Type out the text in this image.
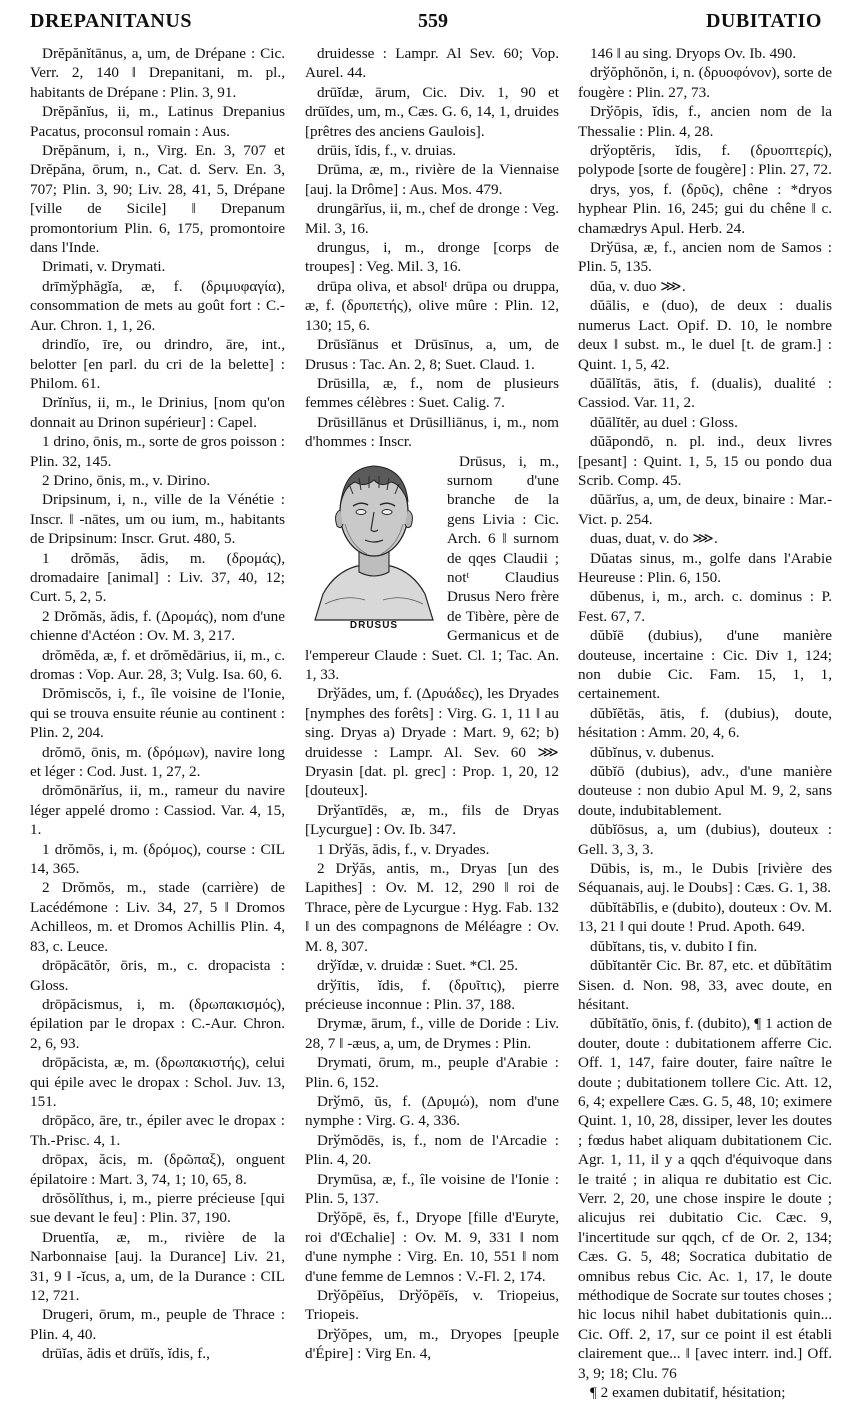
DREPANITANUS	559	DUBITATIO

Drĕpănĭtānus, a, um, de Drépane : Cic. Verr. 2, 140 ‖ Drepanitani, m. pl., habitants de Drépane : Plin. 3, 91.

Drĕpănĭus, ii, m., Latinus Drepanius Pacatus, proconsul romain : Aus.

Drĕpănum, i, n., Virg. En. 3, 707 et Drĕpăna, ōrum, n., Cat. d. Serv. En. 3, 707; Plin. 3, 90; Liv. 28, 41, 5, Drépane [ville de Sicile] ‖ Drepanum promontorium Plin. 6, 175, promontoire dans l'Inde.

Drimati, v. Drymati.

drīmўphăgĭa, æ, f. (δριμυφαγία), consommation de mets au goût fort : C.-Aur. Chron. 1, 1, 26.

drindĭo, īre, ou drindro, āre, int., belotter [en parl. du cri de la belette] : Philom. 61.

Drĭnĭus, ii, m., le Drinius, [nom qu'on donnait au Drinon supérieur] : Capel.

1 drino, ōnis, m., sorte de gros poisson : Plin. 32, 145.

2 Drino, ōnis, m., v. Dirino.

Dripsinum, i, n., ville de la Vénétie : Inscr. ‖ -nātes, um ou ium, m., habitants de Dripsinum: Inscr. Grut. 480, 5.

1 drŏmăs, ădis, m. (δρομάς), dromadaire [animal] : Liv. 37, 40, 12; Curt. 5, 2, 5.

2 Drŏmăs, ădis, f. (Δρομάς), nom d'une chienne d'Actéon : Ov. M. 3, 217.

drŏmĕda, æ, f. et drŏmĕdārius, ii, m., c. dromas : Vop. Aur. 28, 3; Vulg. Isa. 60, 6.

Drŏmiscŏs, i, f., île voisine de l'Ionie, qui se trouva ensuite réunie au continent : Plin. 2, 204.

drŏmō, ōnis, m. (δρόμων), navire long et léger : Cod. Just. 1, 27, 2.

drŏmōnārĭus, ii, m., rameur du navire léger appelé dromo : Cassiod. Var. 4, 15, 1.

1 drŏmŏs, i, m. (δρόμος), course : CIL 14, 365.

2 Drŏmŏs, m., stade (carrière) de Lacédémone : Liv. 34, 27, 5 ‖ Dromos Achilleos, m. et Dromos Achillis Plin. 4, 83, c. Leuce.

drōpăcātŏr, ōris, m., c. dropacista : Gloss.

drōpăcismus, i, m. (δρωπακισμός), épilation par le dropax : C.-Aur. Chron. 2, 6, 93.

drōpăcista, æ, m. (δρωπακιστής), celui qui épile avec le dropax : Schol. Juv. 13, 151.

drōpăco, āre, tr., épiler avec le dropax : Th.-Prisc. 4, 1.

drōpax, ăcis, m. (δρῶπαξ), onguent épilatoire : Mart. 3, 74, 1; 10, 65, 8.

drŏsŏlĭthus, i, m., pierre précieuse [qui sue devant le feu] : Plin. 37, 190.

Druentĭa, æ, m., rivière de la Narbonnaise [auj. la Durance] Liv. 21, 31, 9 ‖ -ĭcus, a, um, de la Durance : CIL 12, 721.

Drugeri, ōrum, m., peuple de Thrace : Plin. 4, 40.

drūĭas, ădis et drūĭs, ĭdis, f.,

druidesse : Lampr. Al Sev. 60; Vop. Aurel. 44.

drūĭdæ, ārum, Cic. Div. 1, 90 et drūĭdes, um, m., Cæs. G. 6, 14, 1, druides [prêtres des anciens Gaulois].

drūis, ĭdis, f., v. druias.

Drūma, æ, m., rivière de la Viennaise [auj. la Drôme] : Aus. Mos. 479.

drungārĭus, ii, m., chef de dronge : Veg. Mil. 3, 16.

drungus, i, m., dronge [corps de troupes] : Veg. Mil. 3, 16.

drūpa oliva, et absolᵗ drūpa ou druppa, æ, f. (δρυπετής), olive mûre : Plin. 12, 130; 15, 6.

Drūsĭānus et Drūsīnus, a, um, de Drusus : Tac. An. 2, 8; Suet. Claud. 1.

Drūsilla, æ, f., nom de plusieurs femmes célèbres : Suet. Calig. 7.

Drūsillānus et Drūsilliānus, i, m., nom d'hommes : Inscr.

DRUSUS

Drūsus, i, m., surnom d'une branche de la gens Livia : Cic. Arch. 6 ‖ surnom de qqes Claudii ; notᵗ Claudius Drusus Nero frère de Tibère, père de Germanicus et de l'empereur Claude : Suet. Cl. 1; Tac. An. 1, 33.

Drўădes, um, f. (Δρυάδες), les Dryades [nymphes des forêts] : Virg. G. 1, 11 ‖ au sing. Dryas a) Dryade : Mart. 9, 62; b) druidesse : Lampr. Al. Sev. 60 ⋙ Dryasin [dat. pl. grec] : Prop. 1, 20, 12 [douteux].

Drўantīdēs, æ, m., fils de Dryas [Lycurgue] : Ov. Ib. 347.

1 Drўăs, ădis, f., v. Dryades.

2 Drўăs, antis, m., Dryas [un des Lapithes] : Ov. M. 12, 290 ‖ roi de Thrace, père de Lycurgue : Hyg. Fab. 132 ‖ un des compagnons de Méléagre : Ov. M. 8, 307.

drўĭdæ, v. druidæ : Suet. *Cl. 25.

drўītis, ĭdis, f. (δρυῖτις), pierre précieuse inconnue : Plin. 37, 188.

Drymæ, ārum, f., ville de Doride : Liv. 28, 7 ‖ -æus, a, um, de Drymes : Plin.

Drymati, ōrum, m., peuple d'Arabie : Plin. 6, 152.

Drўmō, ūs, f. (Δρυμώ), nom d'une nymphe : Virg. G. 4, 336.

Drўmŏdēs, is, f., nom de l'Arcadie : Plin. 4, 20.

Drymūsa, æ, f., île voisine de l'Ionie : Plin. 5, 137.

Drўŏpē, ēs, f., Dryope [fille d'Euryte, roi d'Œchalie] : Ov. M. 9, 331 ‖ nom d'une nymphe : Virg. En. 10, 551 ‖ nom d'une femme de Lemnos : V.-Fl. 2, 174.

Drўŏpēĭus, Drўŏpēĭs, v. Triopeius, Triopeis.

Drўŏpes, um, m., Dryopes [peuple d'Épire] : Virg En. 4,

146 ‖ au sing. Dryops Ov. Ib. 490.

drўŏphŏnŏn, i, n. (δρυοφόνον), sorte de fougère : Plin. 27, 73.

Drўŏpis, ĭdis, f., ancien nom de la Thessalie : Plin. 4, 28.

drўoptĕris, ĭdis, f. (δρυοπτερίς), polypode [sorte de fougère] : Plin. 27, 72.

drys, yos, f. (δρῦς), chêne : *dryos hyphear Plin. 16, 245; gui du chêne ‖ c. chamædrys Apul. Herb. 24.

Drўūsa, æ, f., ancien nom de Samos : Plin. 5, 135.

dŭa, v. duo ⋙.

dŭālis, e (duo), de deux : dualis numerus Lact. Opif. D. 10, le nombre deux ‖ subst. m., le duel [t. de gram.] : Quint. 1, 5, 42.

dŭālĭtās, ātis, f. (dualis), dualité : Cassiod. Var. 11, 2.

dŭālĭtĕr, au duel : Gloss.

dŭăpondō, n. pl. ind., deux livres [pesant] : Quint. 1, 5, 15 ou pondo dua Scrib. Comp. 45.

dŭārĭus, a, um, de deux, binaire : Mar.-Vict. p. 254.

duas, duat, v. do ⋙.

Dŭatas sinus, m., golfe dans l'Arabie Heureuse : Plin. 6, 150.

dŭbenus, i, m., arch. c. dominus : P. Fest. 67, 7.

dŭbĭē (dubius), d'une manière douteuse, incertaine : Cic. Div 1, 124; non dubie Cic. Fam. 15, 1, 1, certainement.

dŭbĭĕtās, ātis, f. (dubius), doute, hésitation : Amm. 20, 4, 6.

dŭbĭnus, v. dubenus.

dŭbĭō (dubius), adv., d'une manière douteuse : non dubio Apul M. 9, 2, sans doute, indubitablement.

dŭbĭōsus, a, um (dubius), douteux : Gell. 3, 3, 3.

Dūbis, is, m., le Dubis [rivière des Séquanais, auj. le Doubs] : Cæs. G. 1, 38.

dŭbĭtābĭlis, e (dubito), douteux : Ov. M. 13, 21 ‖ qui doute ! Prud. Apoth. 649.

dŭbĭtans, tis, v. dubito I fin.

dŭbĭtantĕr Cic. Br. 87, etc. et dŭbĭtātim Sisen. d. Non. 98, 33, avec doute, en hésitant.

dŭbĭtātĭo, ōnis, f. (dubito), ¶ 1 action de douter, doute : dubitationem afferre Cic. Off. 1, 147, faire douter, faire naître le doute ; dubitationem tollere Cic. Att. 12, 6, 4; expellere Cæs. G. 5, 48, 10; eximere Quint. 1, 10, 28, dissiper, lever les doutes ; fœdus habet aliquam dubitationem Cic. Agr. 1, 11, il y a qqch d'équivoque dans le traité ; in aliqua re dubitatio est Cic. Verr. 2, 20, une chose inspire le doute ; alicujus rei dubitatio Cic. Cæc. 9, l'incertitude sur qqch, cf de Or. 2, 134; Cæs. G. 5, 48; Socratica dubitatio de omnibus rebus Cic. Ac. 1, 17, le doute méthodique de Socrate sur toutes choses ; hic locus nihil habet dubitationis quin... Cic. Off. 2, 17, sur ce point il est établi clairement que... ‖ [avec interr. ind.] Off. 3, 9; 18; Clu. 76

¶ 2 examen dubitatif, hésitation;
